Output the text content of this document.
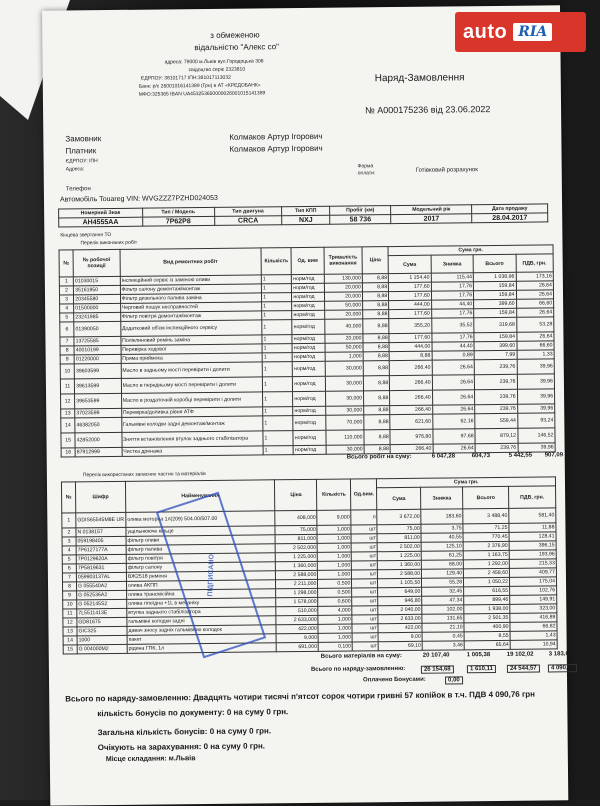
з обмеженою
відальністю "Алекс со"
адреса: 79000 м.Львів вул.Городоцька 306
свідоцтво серіє 2323810
ЄДРПОУ: 38101717 ІПН:381017113032
Банк: р/с 26001016141389 (Грн) в АТ «КРЕДОБАНК»
МФО:325365 IBAN UA453253650000026001015141389
Наряд-Замовлення
№ А000175236 від 23.06.2022
Замовник	Колмаков Артур Ігорович
Платник	Колмаков Артур Ігорович
ЄДРПОУ: ІПН
Адреса:	Форма
оплати:	Готівковий розрахунок
Телефон
Автомобіль Touareg VIN: WVGZZZ7PZHD024053
Номерний Знак	Тип / Модель	Тип двигуна	Тип КПП	Пробіг (км)	Модельний рік	Дата продажу
АН4555АА	7Р62Р8	CRCA	NXJ	58 736	2017	28.04.2017
Кінцева звертання ТО
Перелік виконаних робіт
№	№ робочої позиції	Вид ремонтних робіт	Кількість	Од. вим	Тривалість виконання	Ціна	Сума грн.			
							Сума	Знижка	Всього	ПДВ, грн.
1	01030015	Інспекційний сервіс із заміною оливи	1	норм/год	130,000	8,88	1 154,40	115,44	1 038,96	173,16
2	35161950	Фільтр салону демонтаж/монтаж	1	норм/год	20,000	8,88	177,60	17,76	159,84	26,64
3	20345580	Фільтр дизельного палива заміна	1	норм/год	20,000	8,88	177,60	17,76	159,84	26,64
4	01500000	Черговий пошук несправностей	1	норм/год	50,000	8,88	444,00	44,40	399,60	66,60
5	23241985	Фільтр повітря демонтаж/монтаж	1	норм/год	20,000	8,88	177,60	17,76	159,84	26,64
6	01390050	Додатковий об'єм інспекційного сервісу	1	норм/год	40,000	8,88	355,20	35,52	319,68	53,28
7	13725585	Поліклиновий ремінь заміна	1	норм/год	20,000	8,88	177,60	17,76	159,84	26,64
8	40010199	Перевірка ходової	1	норм/год	50,000	8,88	444,00	44,40	399,60	66,60
9	01220000	Пряма приймока	1	норм/год	1,000	8,88	8,88	0,89	7,99	1,33
10	39603599	Масло в задньому мості перевірити і долити	1	норм/год	30,000	8,88	266,40	26,64	239,76	39,96
11	39613599	Масло в передньому мості перевірити і долити	1	норм/год	30,000	8,88	266,40	26,64	239,76	39,96
12	39653599	Масло в роздаточній коробці перевірити і долити	1	норм/год	30,000	8,88	266,40	26,64	239,76	39,96
13	37023599	Перевірка/доливка рівня АТФ	1	норм/год	30,000	8,88	266,40	26,64	239,76	39,96
14	46382050	Гальмівні колодки задні демонтаж/монтаж	1	норм/год	70,000	8,88	621,60	62,16	559,44	93,24
15	42852000	Зняття встановлення втулок заднього стабілізатора	1	норм/год	110,000	8,88	976,80	97,68	879,12	146,52
16	87912999	Чистка дренажа	1	норм/год	30,000	8,88	266,40	26,64	239,76	39,96
Всього робіт на суму:	6 047,28	604,73	5 442,55 907,09
Перелік використаних запасних частин та матеріалів
№	Шифр	Найменування	Ціна	Кількість	Од.вим.	Сума грн.			
						Сума	Знижка	Всього	ПДВ, грн.
1	GDIS65545M8E UR	олива моторна 1л(209) 504.00/507.00	408,000	9,000	л	3 672,00	183,60	3 488,40	581,40
2	N 0138157	ущільнююче кільце	75,000	1,000	шт	75,00	3,75	71,25	11,88
3	059198405	фільтр оливи	811,000	1,000	шт	811,00	40,55	770,45	128,41
4	7P6127177A	фільтр палива	2 502,000	1,000	шт	2 502,00	125,10	2 376,90	396,15
5	7P0129620A	фільтр повітря	1 225,000	1,000	шт	1 225,00	61,25	1 163,75	193,96
6	7P5819631	фільтр салону	1 360,000	1,000	шт	1 360,00	68,00	1 292,00	215,33
7	059903137AL	ВЖ2518 ременя	2 588,000	1,000	шт	2 588,00	129,40	2 458,60	409,77
8	G 055540A2	олива АКПП	2 211,000	0,500	шт	1 105,50	55,28	1 050,22	175,04
9	G 052536A2	олива трансмісійна	1 298,000	0,500	шт	649,00	32,45	616,55	102,76
10	G 052145S2	олива гіпоїдна +1L в механіку	1 578,000	0,600	шт	946,80	47,34	899,46	149,91
11	7L5511413E	втулка заднього стабілізатора	510,000	4,000	шт	2 040,00	102,00	1 938,00	323,00
12	GD81675	гальмівні колодки задні	2 633,000	1,000	шт	2 633,00	131,65	2 501,35	416,89
13	GIC325	давач зносу задніх гальмівних колодок	422,000	1,000	шт	422,00	21,10	400,90	66,82
14	1000	пакет	9,000	1,000	шт	9,00	0,45	8,55	1,43
15	G 004000M2	рідина ГПК, 1л	691,000	0,100	шт	69,10	3,46	65,64	10,94
Всього матеріалів на суму:	20 107,40	1 005,38	19 102,02	3 183,67
Всього по наряду-замовленню:	26 154,68	1 610,11	24 544,57	4 090,76
Оплачено Бонусами:	0,00
Всього по наряду-замовленню: Двадцять чотири тисячі п'ятсот сорок чотири гривні 57 копійок в т.ч. ПДВ 4 090,76 грн
кількість бонусів по документу: 0 на суму 0 грн.
Загальна кількість бонусів: 0 на суму 0 грн.
Очікують на зарахування: 0 на суму 0 грн.
Місце складання: м.Львів
ПІДПИСАНО
auto RIA
